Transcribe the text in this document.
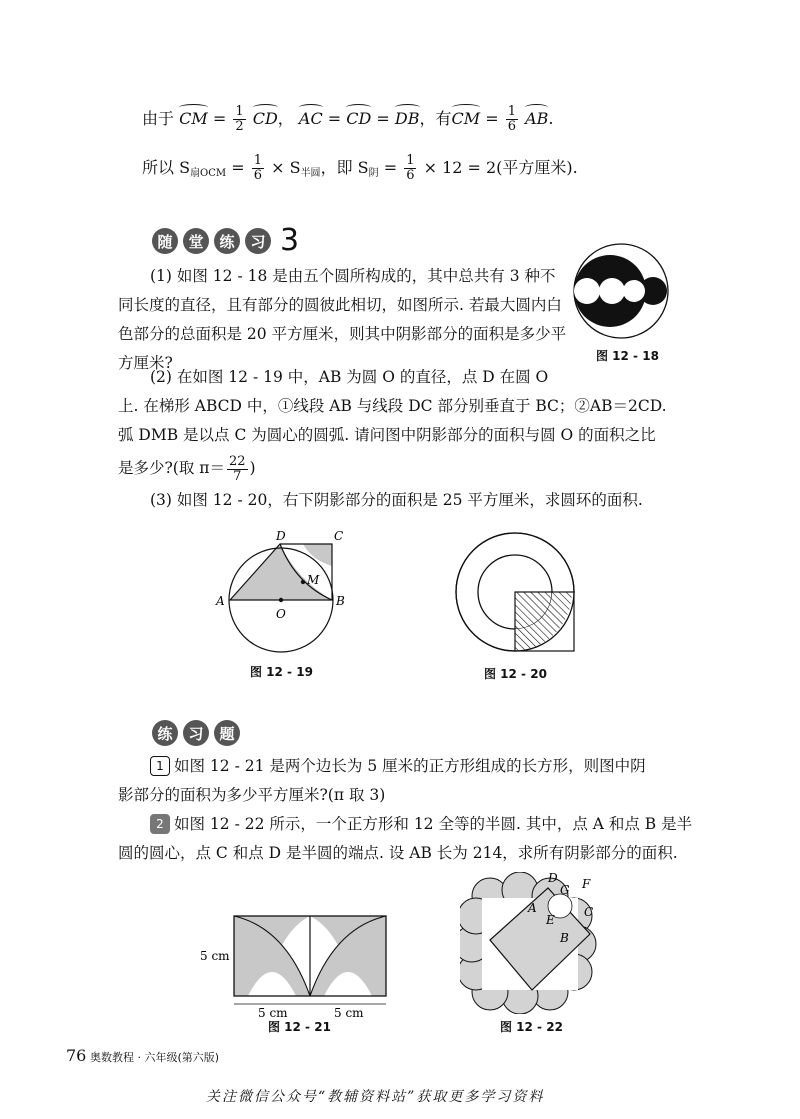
由于 CM = $\frac{1}{2}$ CD， AC = CD = DB，有CM = $\frac{1}{6}$ AB.
所以 $S_{扇OCM} = \frac{1}{6} \times S_{半圆}$，即 $S_阴 = \frac{1}{6} \times 12 = 2$(平方厘米).
随	堂	练	习 3
(1) 如图 12 - 18 是由五个圆所构成的，其中总共有 3 种不同长度的直径，且有部分的圆彼此相切，如图所示. 若最大圆内白色部分的总面积是 20 平方厘米，则其中阴影部分的面积是多少平方厘米?	图 12 - 18
(2) 在如图 12 - 19 中，AB 为圆 O 的直径，点 D 在圆 O
上. 在梯形 ABCD 中，①线段 AB 与线段 DC 部分别垂直于 BC；②AB＝2CD.
弧 DMB 是以点 C 为圆心的圆弧. 请问图中阴影部分的面积与圆 O 的面积之比
是多少?(取 $\pi= \frac{22}{7}$ )
(3) 如图 12 - 20，右下阴影部分的面积是 25 平方厘米，求圆环的面积.
D	C
M
A
O
B
图 12 - 19	图 12 - 20
练	习	题
1 如图 12 - 21 是两个边长为 5 厘米的正方形组成的长方形，则图中阴
影部分的面积为多少平方厘米?(π 取 3)
2 如图 12 - 22 所示，一个正方形和 12 全等的半圆. 其中，点 A 和点 B 是半
圆的圆心，点 C 和点 D 是半圆的端点. 设 AB 长为 214，求所有阴影部分的面积.
5 cm
5 cm	5 cm
图 12 - 21
D
G F
A
E
C
B
图 12 - 22
76 奥数教程 · 六年级(第六版)
关注微信公众号“教辅资料站”获取更多学习资料
